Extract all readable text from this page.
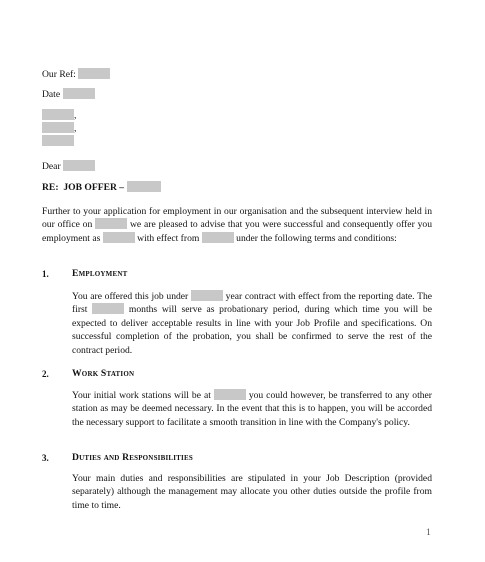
Our Ref:
Date
,
,
Dear
RE: JOB OFFER –
Further to your application for employment in our organisation and the subsequent interview held in our office on	we are pleased to advise that you were successful and consequently offer you employment as	with effect from	under the following terms and conditions:
1. Employment
You are offered this job under	year contract with effect from the reporting date. The first	months will serve as probationary period, during which time you will be expected to deliver acceptable results in line with your Job Profile and specifications. On successful completion of the probation, you shall be confirmed to serve the rest of the contract period.
2. Work Station
Your initial work stations will be at	you could however, be transferred to any other station as may be deemed necessary. In the event that this is to happen, you will be accorded the necessary support to facilitate a smooth transition in line with the Company's policy.
3. Duties and Responsibilities
Your main duties and responsibilities are stipulated in your Job Description (provided separately) although the management may allocate you other duties outside the profile from time to time.
1
